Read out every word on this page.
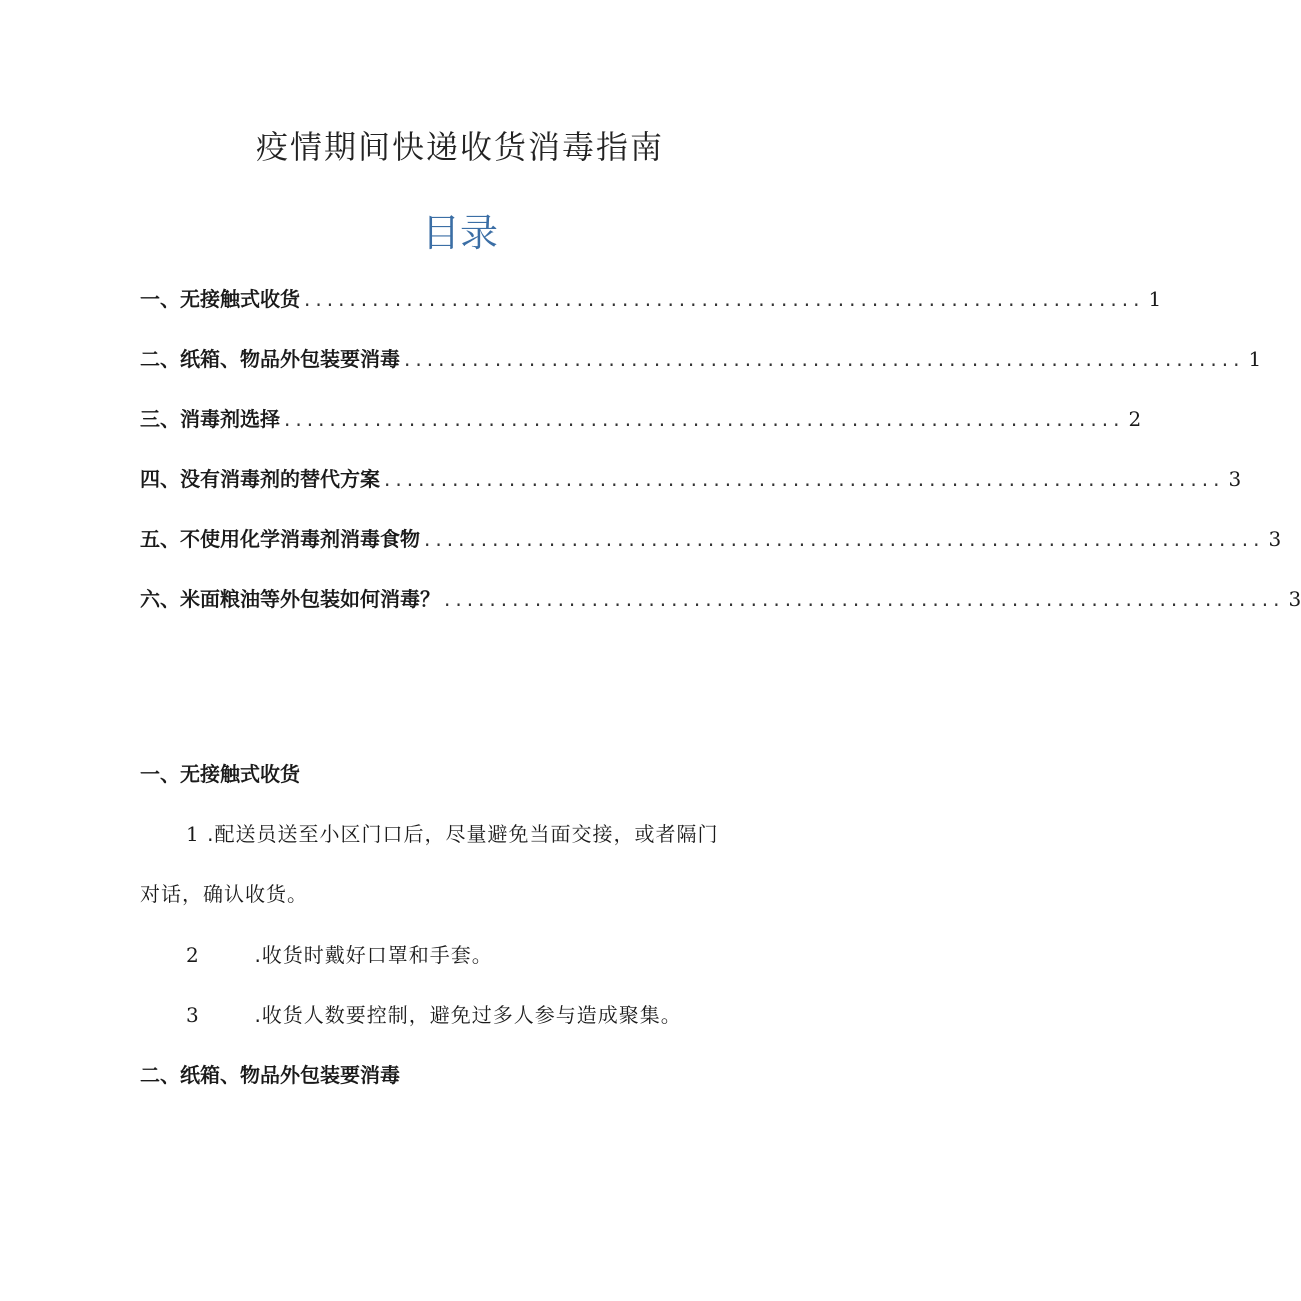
疫情期间快递收货消毒指南
目录
一、无接触式收货 .......................................................................... 1
二、纸箱、物品外包装要消毒 .......................................................................... 1
三、消毒剂选择 .......................................................................... 2
四、没有消毒剂的替代方案 .......................................................................... 3
五、不使用化学消毒剂消毒食物 .......................................................................... 3
六、米面粮油等外包装如何消毒？ .......................................................................... 3
一、无接触式收货
1 .配送员送至小区门口后，尽量避免当面交接，或者隔门
对话，确认收货。
2	.收货时戴好口罩和手套。
3	.收货人数要控制，避免过多人参与造成聚集。
二、纸箱、物品外包装要消毒
